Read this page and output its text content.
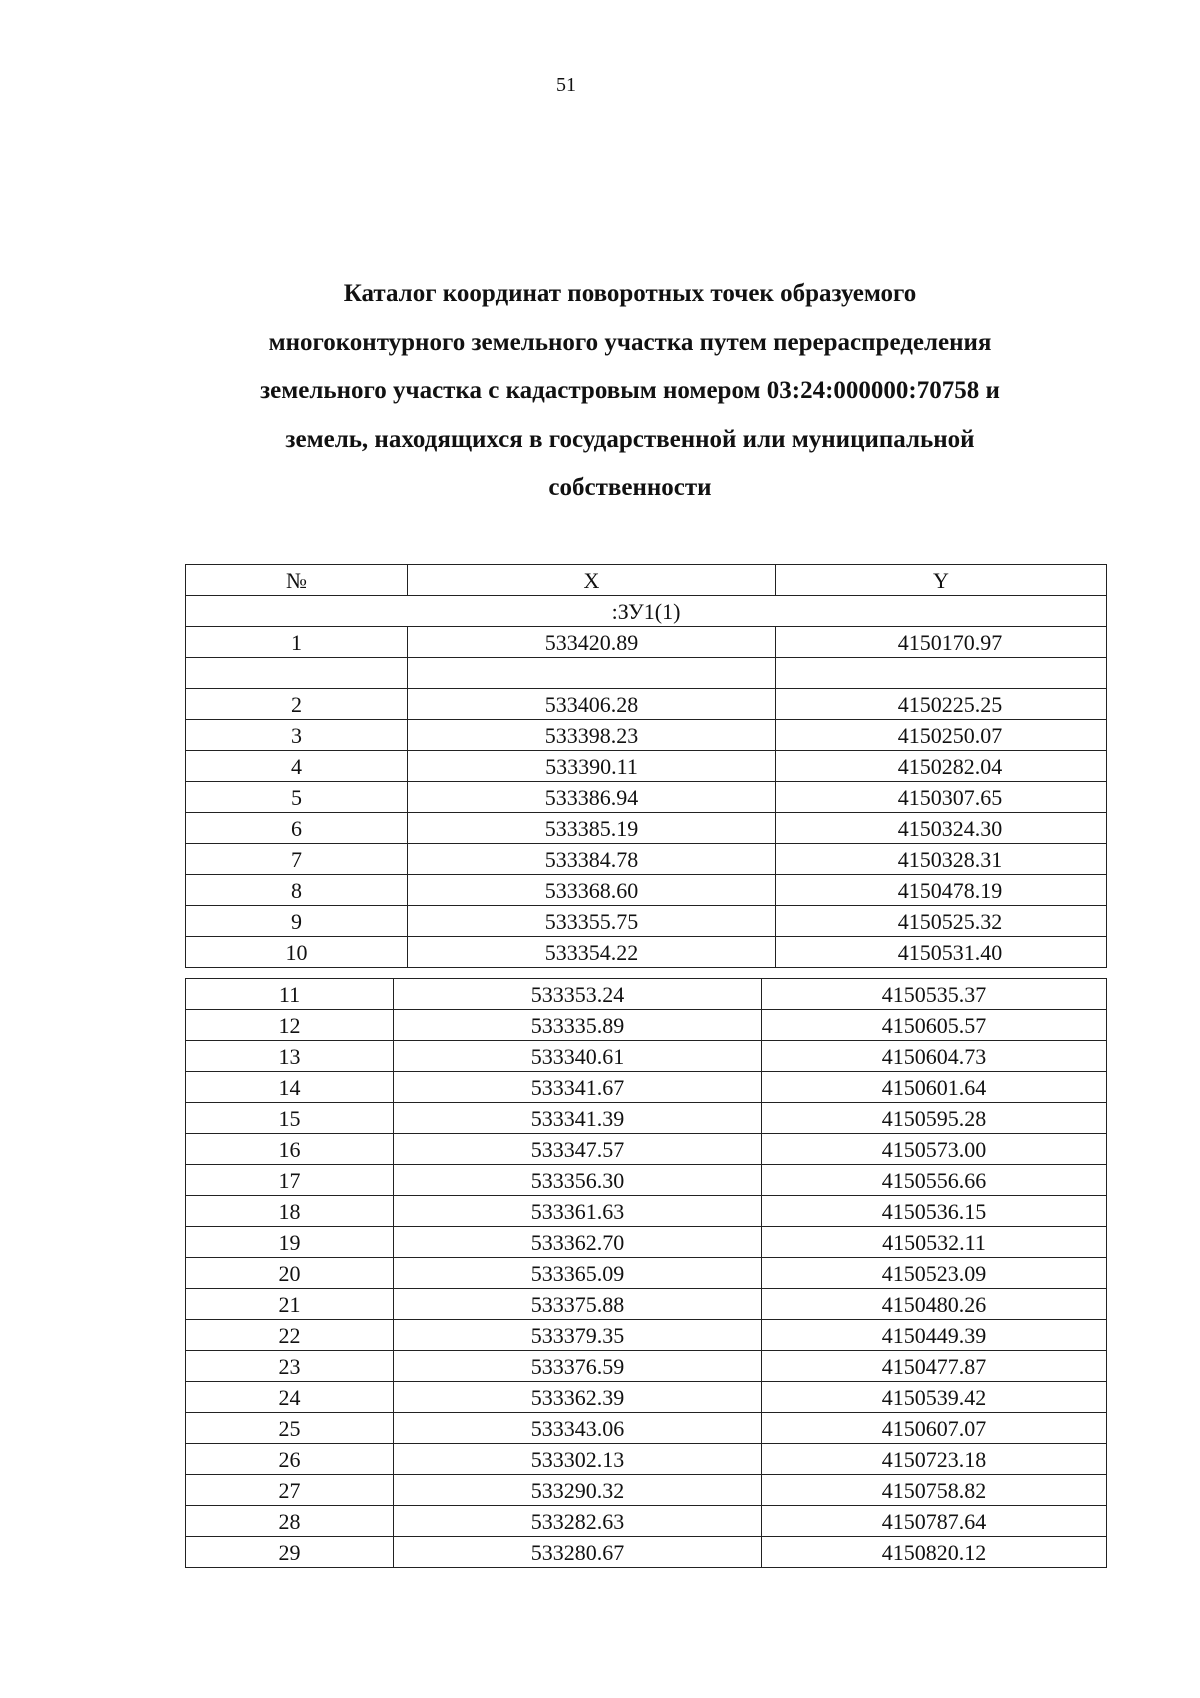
51
Каталог координат поворотных точек образуемого
многоконтурного земельного участка путем перераспределения
земельного участка с кадастровым номером 03:24:000000:70758 и
земель, находящихся в государственной или муниципальной
собственности
№	X	Y
:ЗУ1(1)		
1	533420.89	4150170.97

2	533406.28	4150225.25
3	533398.23	4150250.07
4	533390.11	4150282.04
5	533386.94	4150307.65
6	533385.19	4150324.30
7	533384.78	4150328.31
8	533368.60	4150478.19
9	533355.75	4150525.32
10	533354.22	4150531.40
11	533353.24	4150535.37
12	533335.89	4150605.57
13	533340.61	4150604.73
14	533341.67	4150601.64
15	533341.39	4150595.28
16	533347.57	4150573.00
17	533356.30	4150556.66
18	533361.63	4150536.15
19	533362.70	4150532.11
20	533365.09	4150523.09
21	533375.88	4150480.26
22	533379.35	4150449.39
23	533376.59	4150477.87
24	533362.39	4150539.42
25	533343.06	4150607.07
26	533302.13	4150723.18
27	533290.32	4150758.82
28	533282.63	4150787.64
29	533280.67	4150820.12
